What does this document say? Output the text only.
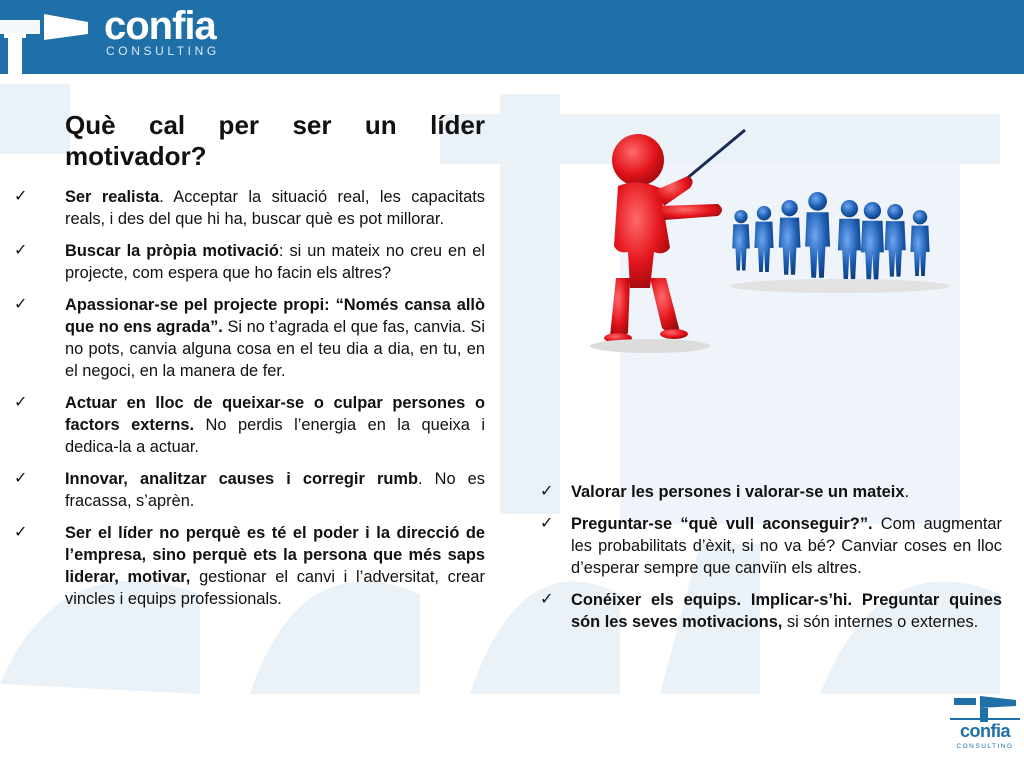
confia
CONSULTING
Què cal per ser un líder motivador?
✓ Ser realista. Acceptar la situació real, les capacitats reals, i des del que hi ha, buscar què es pot millorar.
✓ Buscar la pròpia motivació: si un mateix no creu en el projecte, com espera que ho facin els altres?
✓ Apassionar-se pel projecte propi: “Només cansa allò que no ens agrada”. Si no t’agrada el que fas, canvia. Si no pots, canvia alguna cosa en el teu dia a dia, en tu, en el negoci, en la manera de fer.
✓ Actuar en lloc de queixar-se o culpar persones o factors externs. No perdis l’energia en la queixa i dedica-la a actuar.
✓ Innovar, analitzar causes i corregir rumb. No es fracassa, s’aprèn.
✓ Ser el líder no perquè es té el poder i la direcció de l’empresa, sino perquè ets la persona que més saps liderar, motivar, gestionar el canvi i l’adversitat, crear vincles i equips professionals.
✓ Valorar les persones i valorar-se un mateix.
✓ Preguntar-se “què vull aconseguir?”. Com augmentar les probabilitats d’èxit, si no va bé? Canviar coses en lloc d’esperar sempre que canviïn els altres.
✓ Conéixer els equips. Implicar-s’hi. Preguntar quines són les seves motivacions, si són internes o externes.
confia
CONSULTING
